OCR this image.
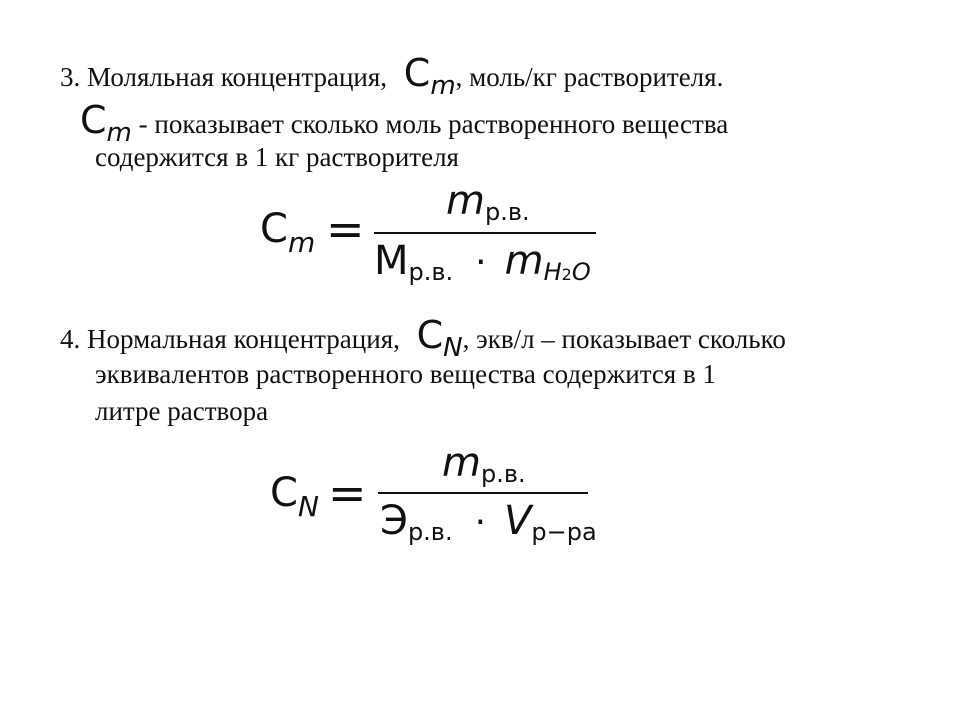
3. Моляльная концентрация, Сm, моль/кг растворителя.
Сm - показывает сколько моль растворенного вещества
содержится в 1 кг растворителя
Сm =
mр.в.
Мр.в. · mH2O
4. Нормальная концентрация, СN, экв/л – показывает сколько
эквивалентов растворенного вещества содержится в 1
литре раствора
СN =
mр.в.
Эр.в. · Vр−ра
